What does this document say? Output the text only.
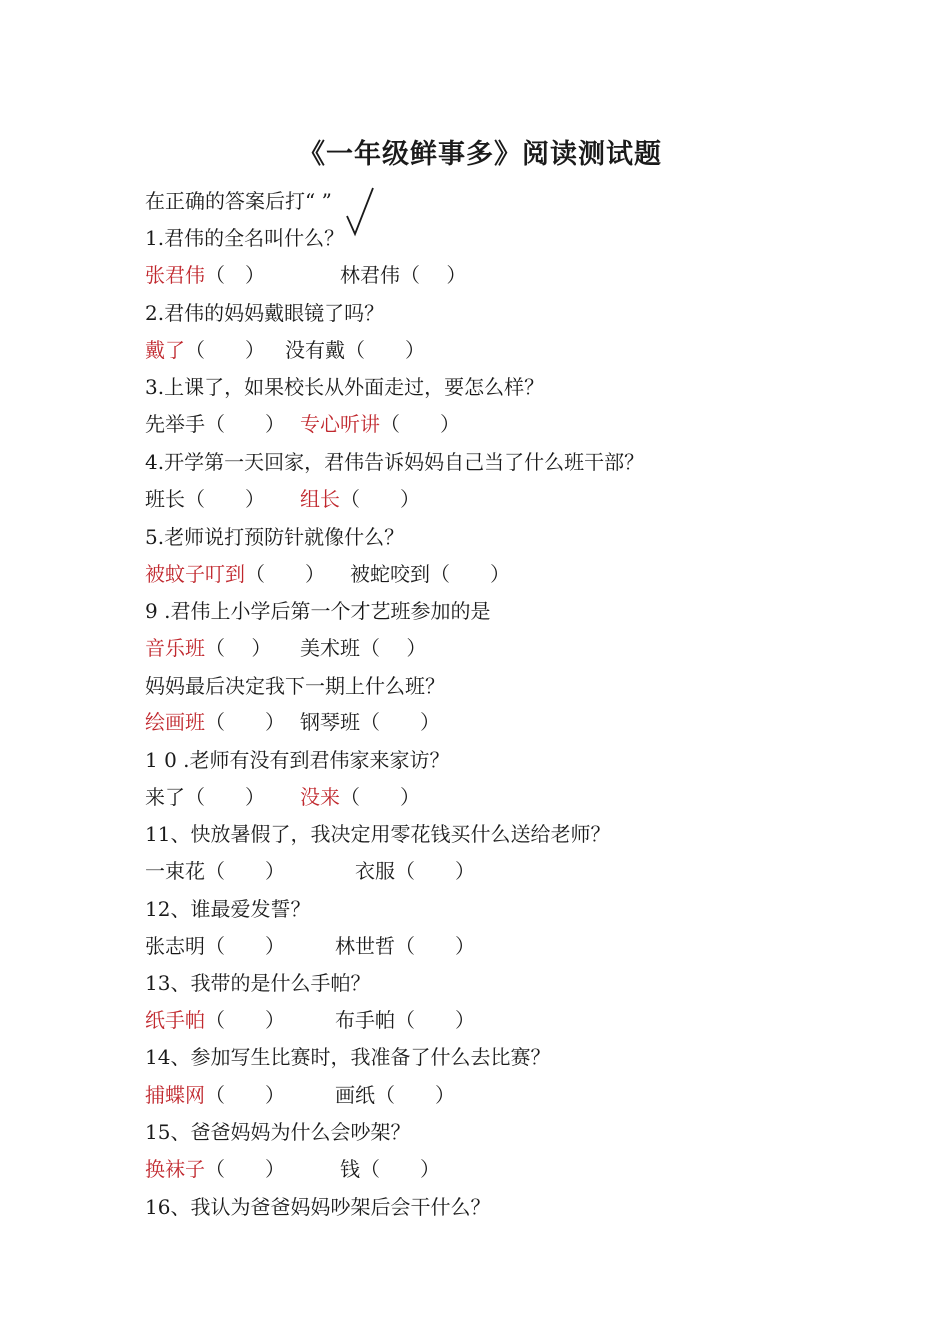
《一年级鲜事多》阅读测试题
在正确的答案后打“ ”
1.君伟的全名叫什么？
张君伟（　）	林君伟（　 ）
2.君伟的妈妈戴眼镜了吗？
戴了（　　） 没有戴（　　）
3.上课了，如果校长从外面走过，要怎么样？
先举手（　　） 专心听讲（　　）
4.开学第一天回家，君伟告诉妈妈自己当了什么班干部？
班长（　　） 组长（　　）
5.老师说打预防针就像什么？
被蚊子叮到（　　） 被蛇咬到（　　）
9 .君伟上小学后第一个才艺班参加的是
音乐班（　 ） 美术班（　 ）
妈妈最后决定我下一期上什么班？
绘画班（　　） 钢琴班（　　）
1 0 .老师有没有到君伟家来家访？
来了（　　） 没来（　　）
11、快放暑假了，我决定用零花钱买什么送给老师？
一束花（　　）	衣服（　　）
12、谁最爱发誓？
张志明（　　）	林世哲（　　）
13、我带的是什么手帕？
纸手帕（　　）	布手帕（　　）
14、参加写生比赛时，我准备了什么去比赛？
捕蝶网（　　）	画纸（　　）
15、爸爸妈妈为什么会吵架？
换袜子（　　）	钱（　　）
16、我认为爸爸妈妈吵架后会干什么？
